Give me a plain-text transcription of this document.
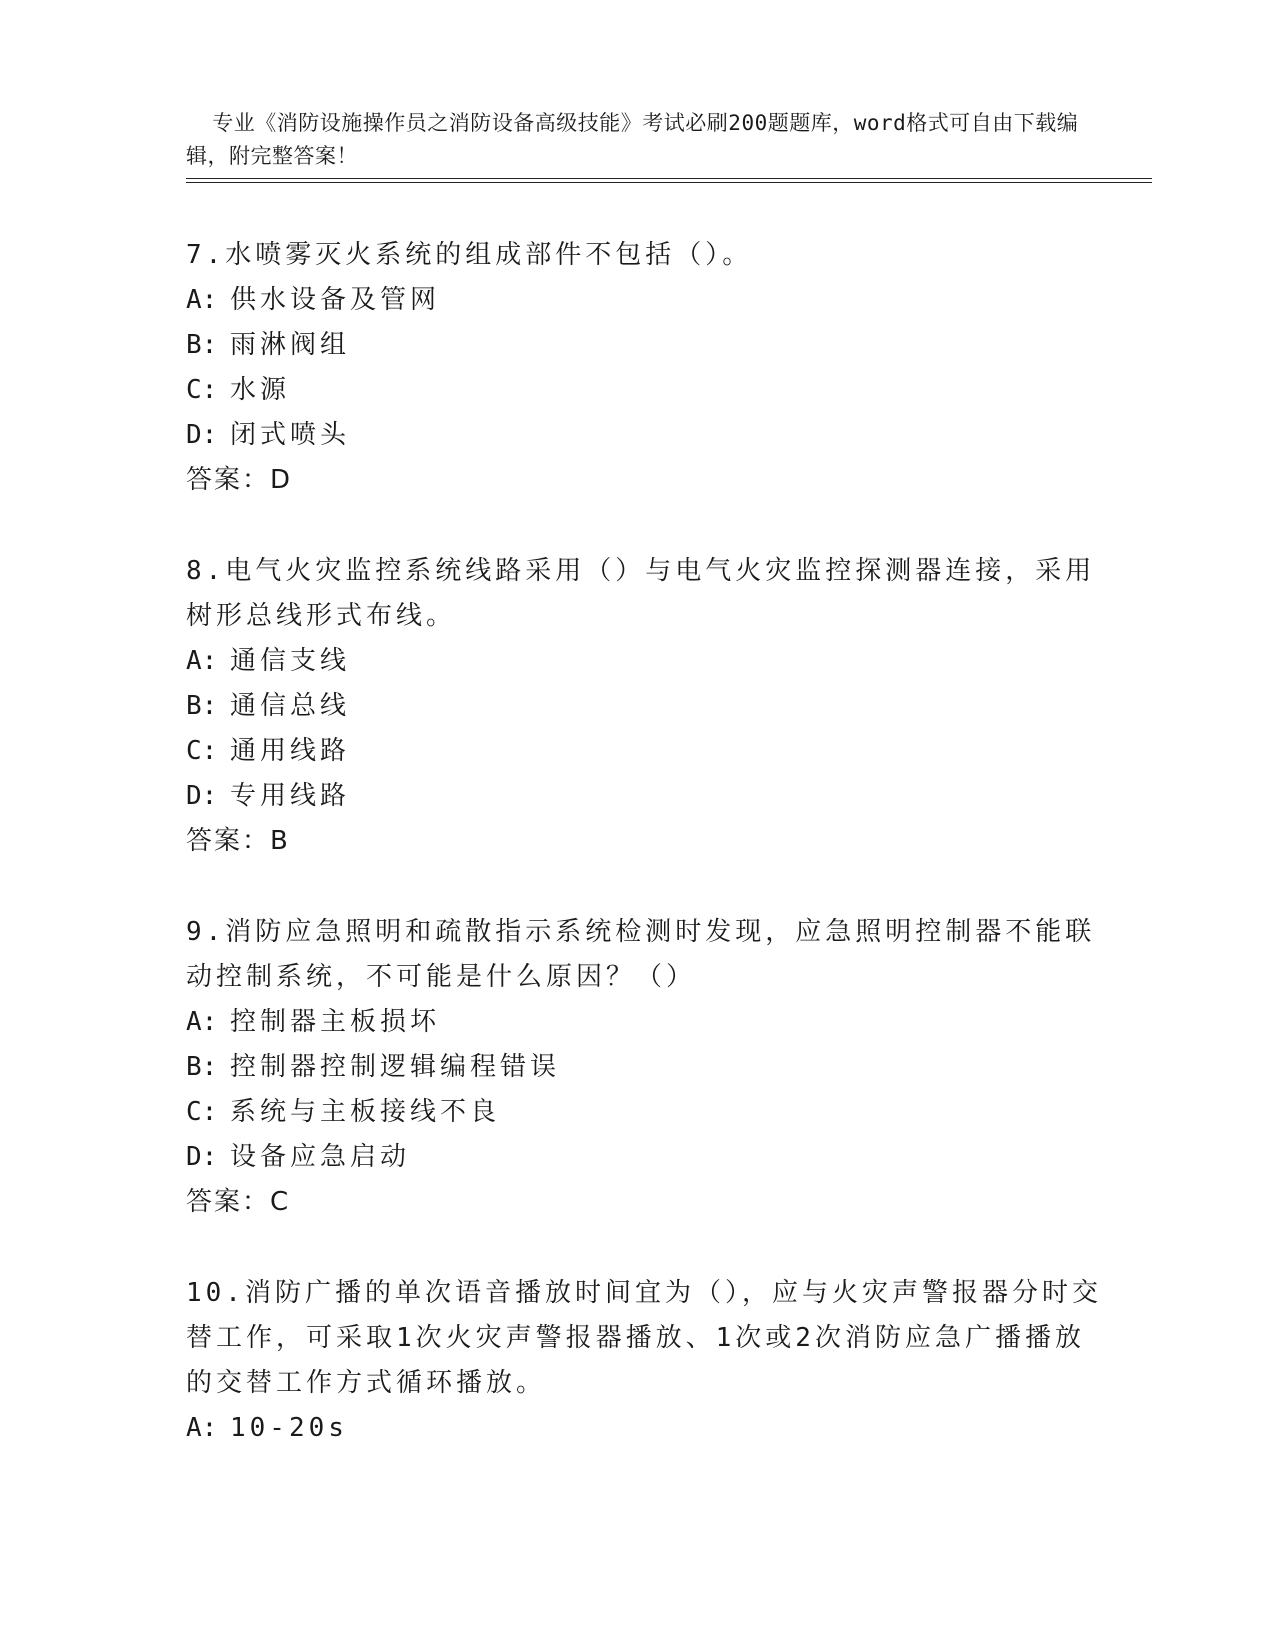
专业《消防设施操作员之消防设备高级技能》考试必刷200题题库，word格式可自由下载编辑，附完整答案！

7.水喷雾灭火系统的组成部件不包括（）。
A: 供水设备及管网
B: 雨淋阀组
C: 水源
D: 闭式喷头
答案：D
8.电气火灾监控系统线路采用（）与电气火灾监控探测器连接，采用树形总线形式布线。
A: 通信支线
B: 通信总线
C: 通用线路
D: 专用线路
答案：B
9.消防应急照明和疏散指示系统检测时发现，应急照明控制器不能联动控制系统，不可能是什么原因？（）
A: 控制器主板损坏
B: 控制器控制逻辑编程错误
C: 系统与主板接线不良
D: 设备应急启动
答案：C
10.消防广播的单次语音播放时间宜为（），应与火灾声警报器分时交替工作，可采取1次火灾声警报器播放、1次或2次消防应急广播播放的交替工作方式循环播放。
A: 10-20s
